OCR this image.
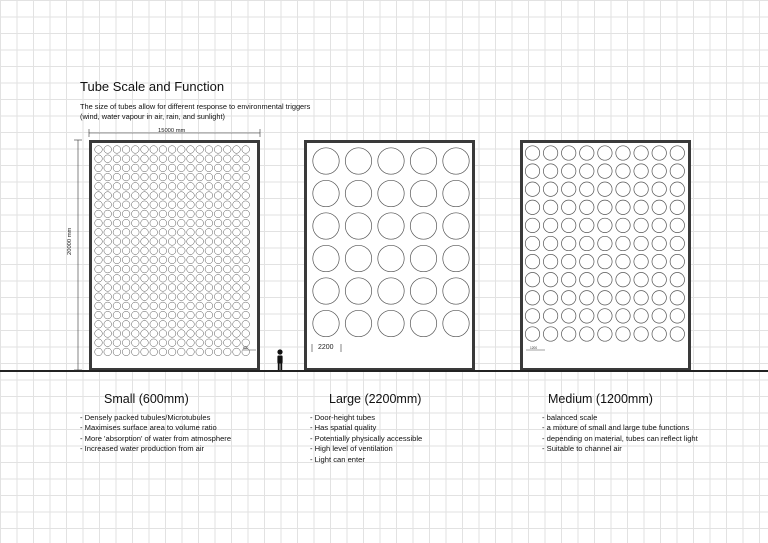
Tube Scale and Function
The size of tubes allow for different response to environmental triggers
(wind, water vapour in air, rain, and sunlight)
15000 mm
20000 mm
2200
600	1200
Small (600mm)	Large (2200mm)	Medium (1200mm)
- Densely packed tubules/Microtubules
- Maximises surface area to volume ratio
- More 'absorption' of water from atmosphere
- Increased water production from air
- Door-height tubes
- Has spatial quality
- Potentially physically accessible
- High level of ventilation
- Light can enter
- balanced scale
- a mixture of small and large tube functions
- depending on material, tubes can reflect light
- Suitable to channel air
